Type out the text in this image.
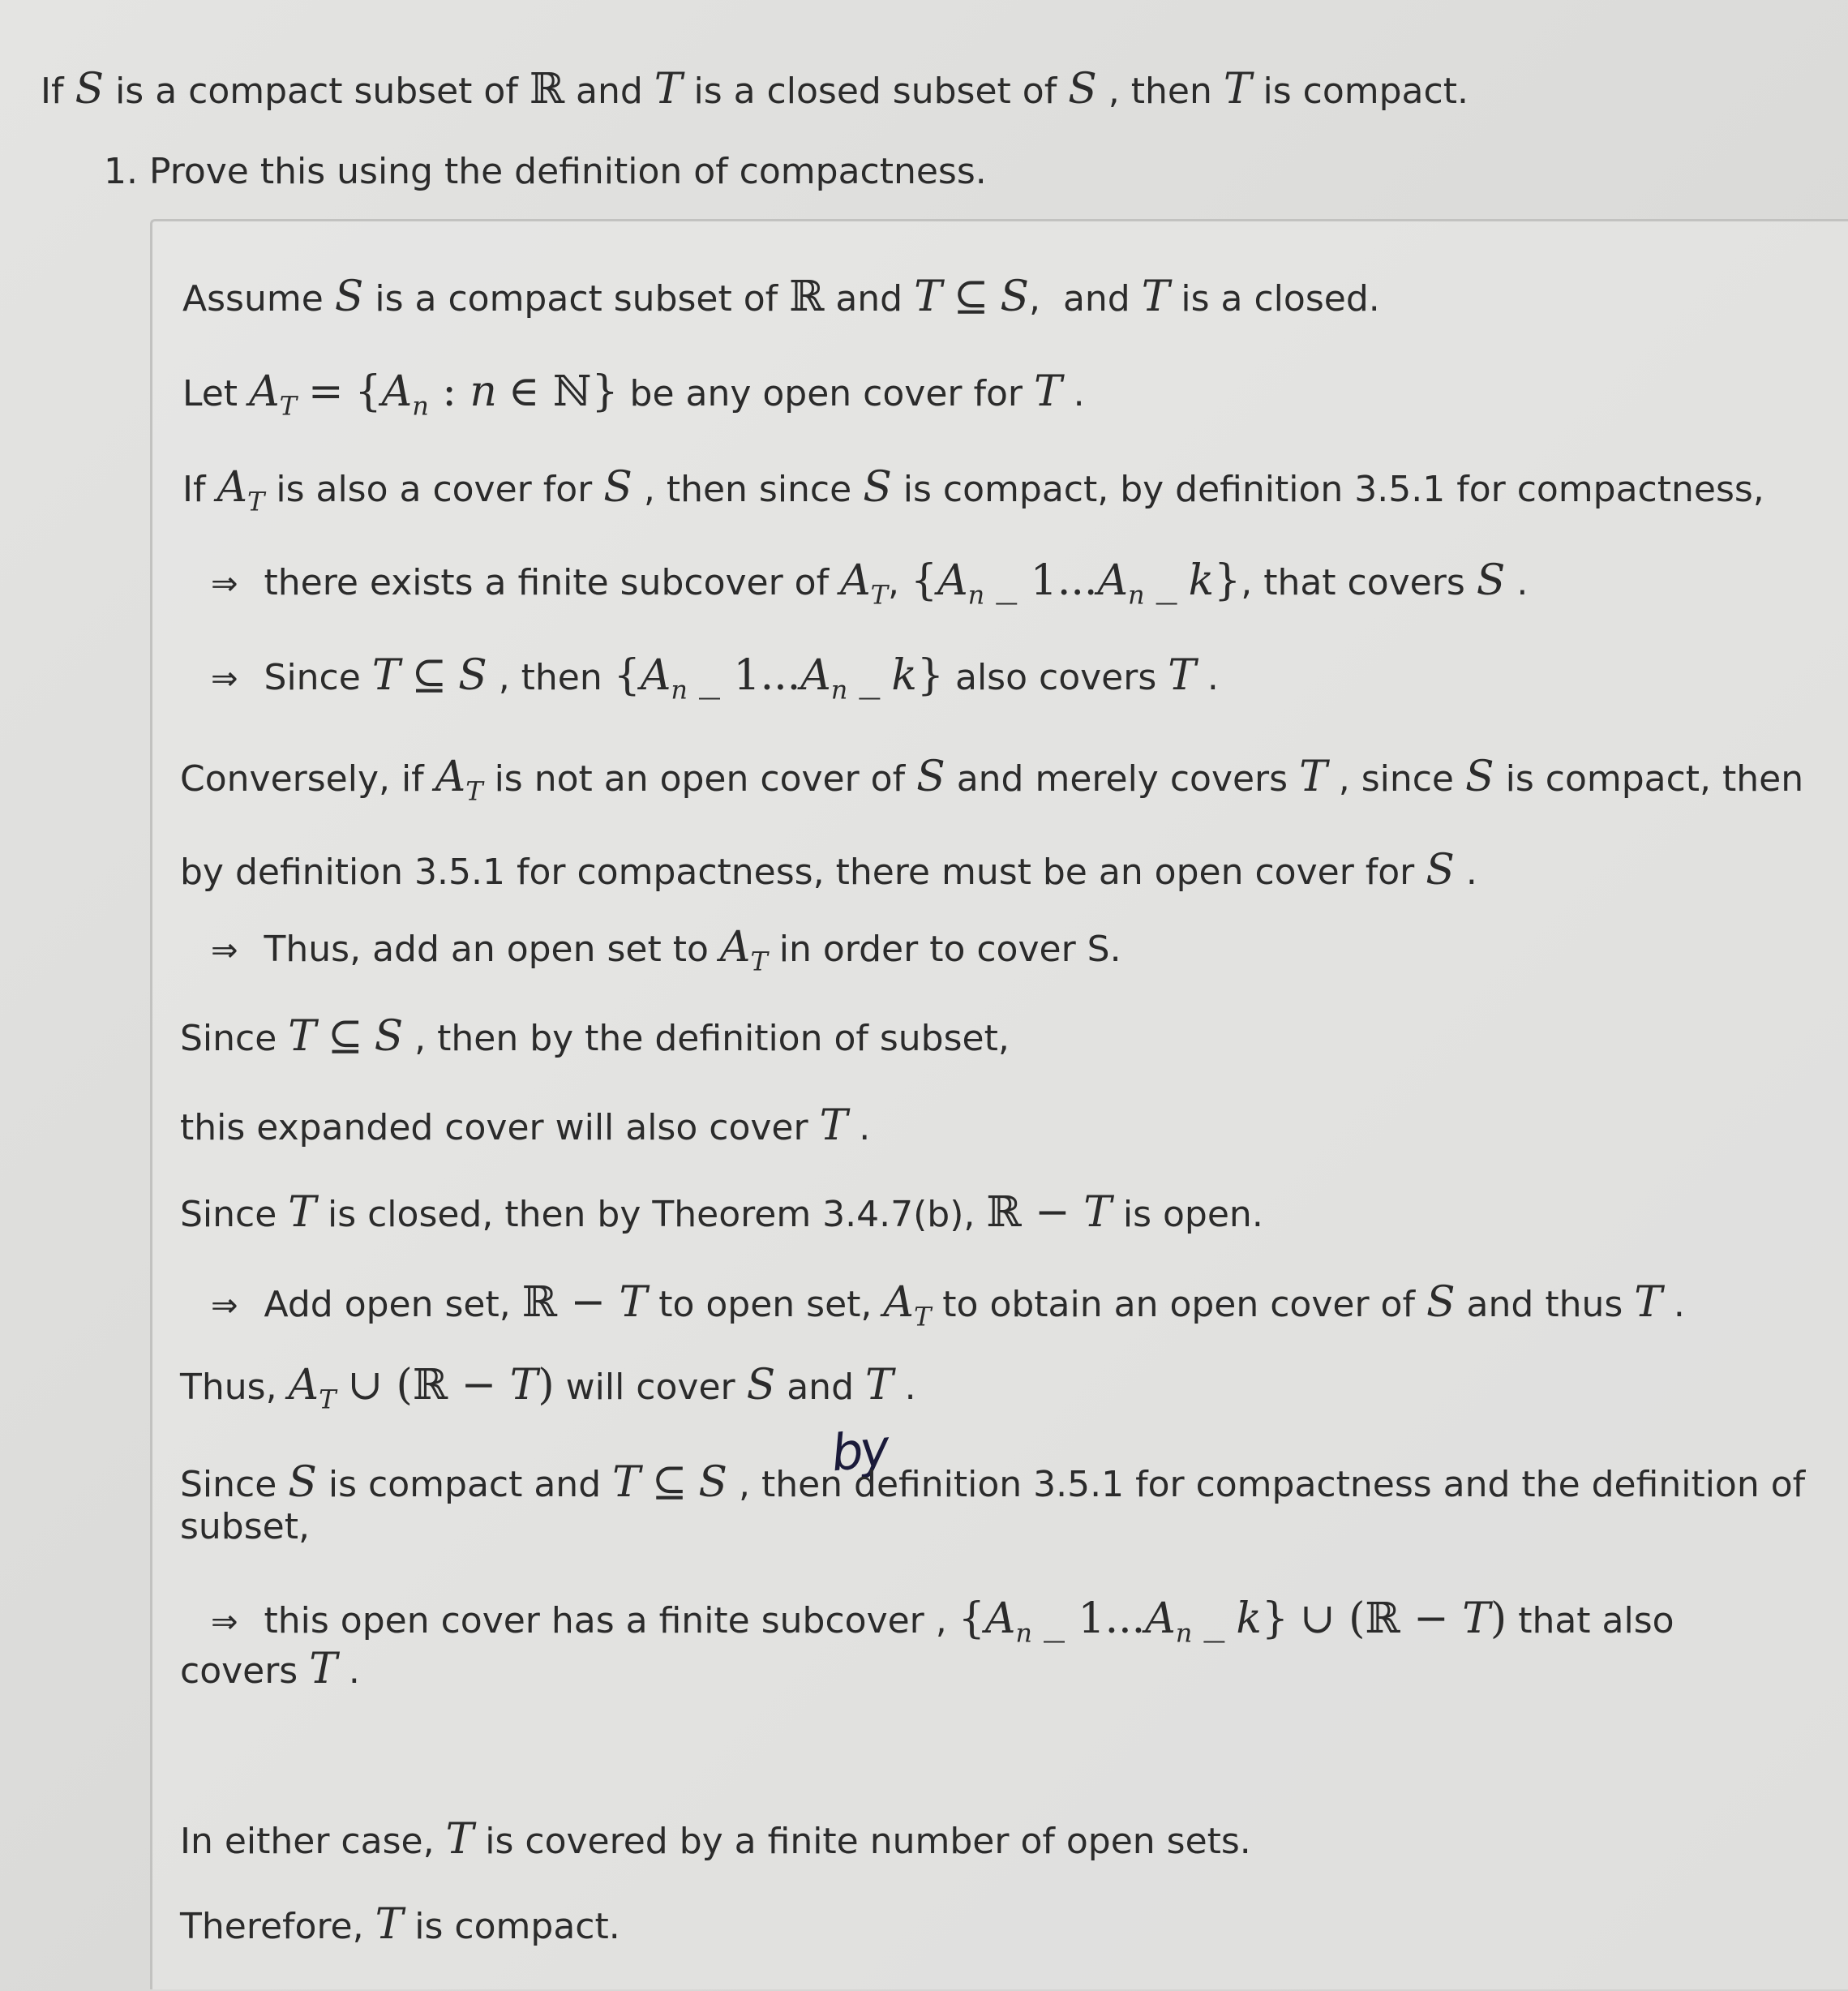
If S is a compact subset of ℝ and T is a closed subset of S , then T is compact.
1. Prove this using the definition of compactness.
Assume S is a compact subset of ℝ and T ⊆ S,  and T is a closed.
Let $A_T = \{A_n$ : n ∈ ℕ} be any open cover for T .
If $A_T$ is also a cover for S , then since S is compact, by definition 3.5.1 for compactness,
⇒ there exists a finite subcover of $A_T$, {$A_n$ _ $1...A_n$ _ k}, that covers S .
⇒ Since T ⊆ S , then {$A_n$ _ $1...A_n$ _ k} also covers T .
Conversely, if $A_T$ is not an open cover of S and merely covers T , since S is compact, then
by definition 3.5.1 for compactness, there must be an open cover for S .
⇒ Thus, add an open set to $A_T$ in order to cover S.
Since T ⊆ S , then by the definition of subset,
this expanded cover will also cover T .
Since T is closed, then by Theorem 3.4.7(b), ℝ − T is open.
⇒ Add open set, ℝ − T to open set, $A_T$ to obtain an open cover of S and thus T .
Thus, $A_T$ ∪ (ℝ − T) will cover S and T .
by
Since S is compact and T ⊆ S , then definition 3.5.1 for compactness and the definition of
subset,
⇒ this open cover has a finite subcover , {$A_n$ _ $1...A_n$ _ k} ∪ (ℝ − T) that also
covers T .
In either case, T is covered by a finite number of open sets.
Therefore, T is compact.
